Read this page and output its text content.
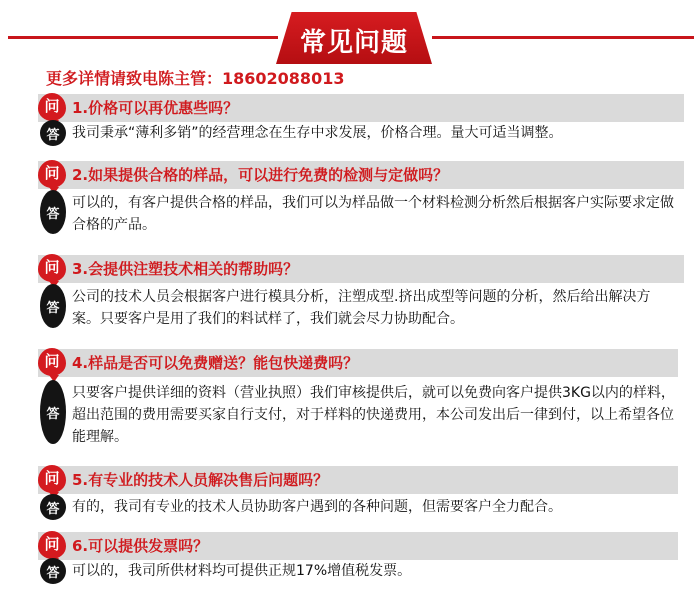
常见问题
更多详情请致电陈主管：18602088013
问 1.价格可以再优惠些吗？
答 我司秉承“薄利多销”的经营理念在生存中求发展，价格合理。量大可适当调整。
问 2.如果提供合格的样品，可以进行免费的检测与定做吗？
答
可以的，有客户提供合格的样品，我们可以为样品做一个材料检测分析然后根据客户实际要求定做合格的产品。
问 3.会提供注塑技术相关的帮助吗？
答
公司的技术人员会根据客户进行模具分析，注塑成型.挤出成型等问题的分析，然后给出解决方案。只要客户是用了我们的料试样了，我们就会尽力协助配合。
问 4.样品是否可以免费赠送？能包快递费吗？
答
只要客户提供详细的资料（营业执照）我们审核提供后，就可以免费向客户提供3KG以内的样料，超出范围的费用需要买家自行支付，对于样料的快递费用，本公司发出后一律到付，以上希望各位能理解。
问 5.有专业的技术人员解决售后问题吗？
答 有的，我司有专业的技术人员协助客户遇到的各种问题，但需要客户全力配合。
问 6.可以提供发票吗？
答 可以的，我司所供材料均可提供正规17%增值税发票。
